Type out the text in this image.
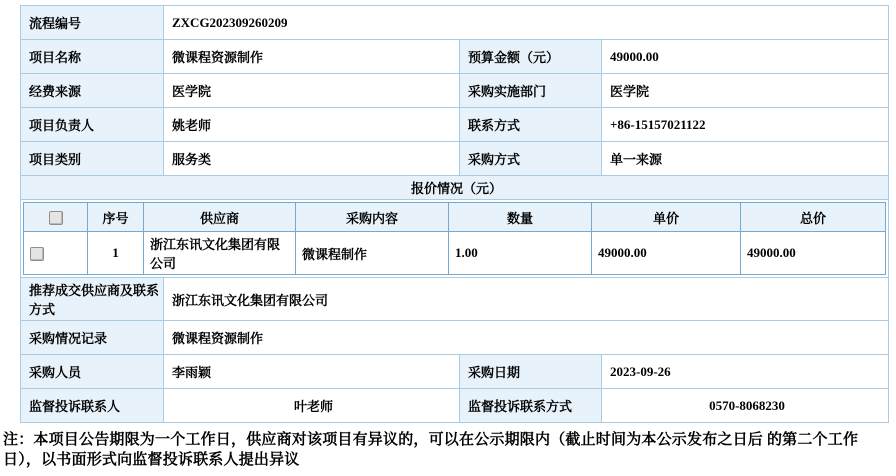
流程编号	ZXCG202309260209
项目名称	微课程资源制作	预算金额（元）	49000.00
经费来源	医学院	采购实施部门	医学院
项目负责人	姚老师	联系方式	+86-15157021122
项目类别	服务类	采购方式	单一来源
报价情况（元）

	序号	供应商	采购内容	数量	单价	总价
	1	浙江东讯文化集团有限公司	微课程制作	1.00	49000.00	49000.00

推荐成交供应商及联系方式	浙江东讯文化集团有限公司
采购情况记录	微课程资源制作
采购人员	李雨颖	采购日期	2023-09-26
监督投诉联系人	叶老师	监督投诉联系方式	0570-8068230
注：本项目公告期限为一个工作日，供应商对该项目有异议的，可以在公示期限内（截止时间为本公示发布之日后 的第二个工作日），以书面形式向监督投诉联系人提出异议
